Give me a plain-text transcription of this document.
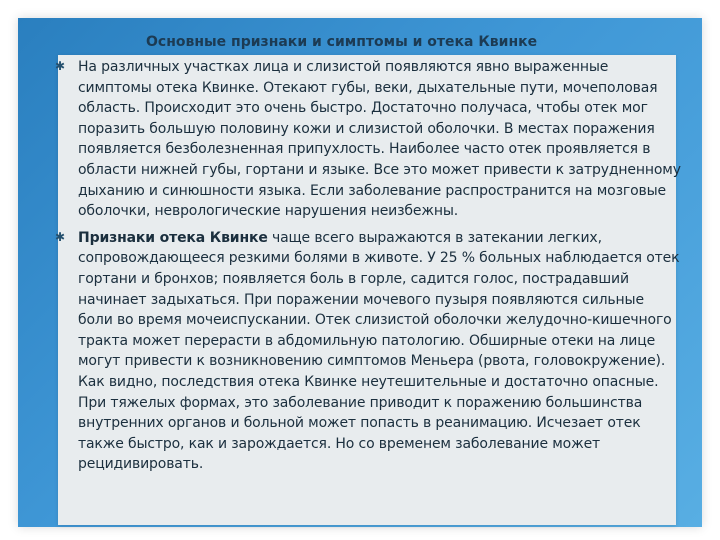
Основные признаки и симптомы и отека Квинке
✱ На различных участках лица и слизистой появляются явно выраженные симптомы отека Квинке. Отекают губы, веки, дыхательные пути, мочеполовая область. Происходит это очень быстро. Достаточно получаса, чтобы отек мог поразить большую половину кожи и слизистой оболочки. В местах поражения появляется безболезненная припухлость. Наиболее часто отек проявляется в области нижней губы, гортани и языке. Все это может привести к затрудненному дыханию и синюшности языка. Если заболевание распространится на мозговые оболочки, неврологические нарушения неизбежны.

✱ Признаки отека Квинке чаще всего выражаются в затекании легких, сопровождающееся резкими болями в животе. У 25 % больных наблюдается отек гортани и бронхов; появляется боль в горле, садится голос, пострадавший начинает задыхаться. При поражении мочевого пузыря появляются сильные боли во время мочеиспускании. Отек слизистой оболочки желудочно-кишечного тракта может перерасти в абдомильную патологию. Обширные отеки на лице могут привести к возникновению симптомов Меньера (рвота, головокружение). Как видно, последствия отека Квинке неутешительные и достаточно опасные. При тяжелых формах, это заболевание приводит к поражению большинства внутренних органов и больной может попасть в реанимацию. Исчезает отек также быстро, как и зарождается. Но со временем заболевание может рецидивировать.
